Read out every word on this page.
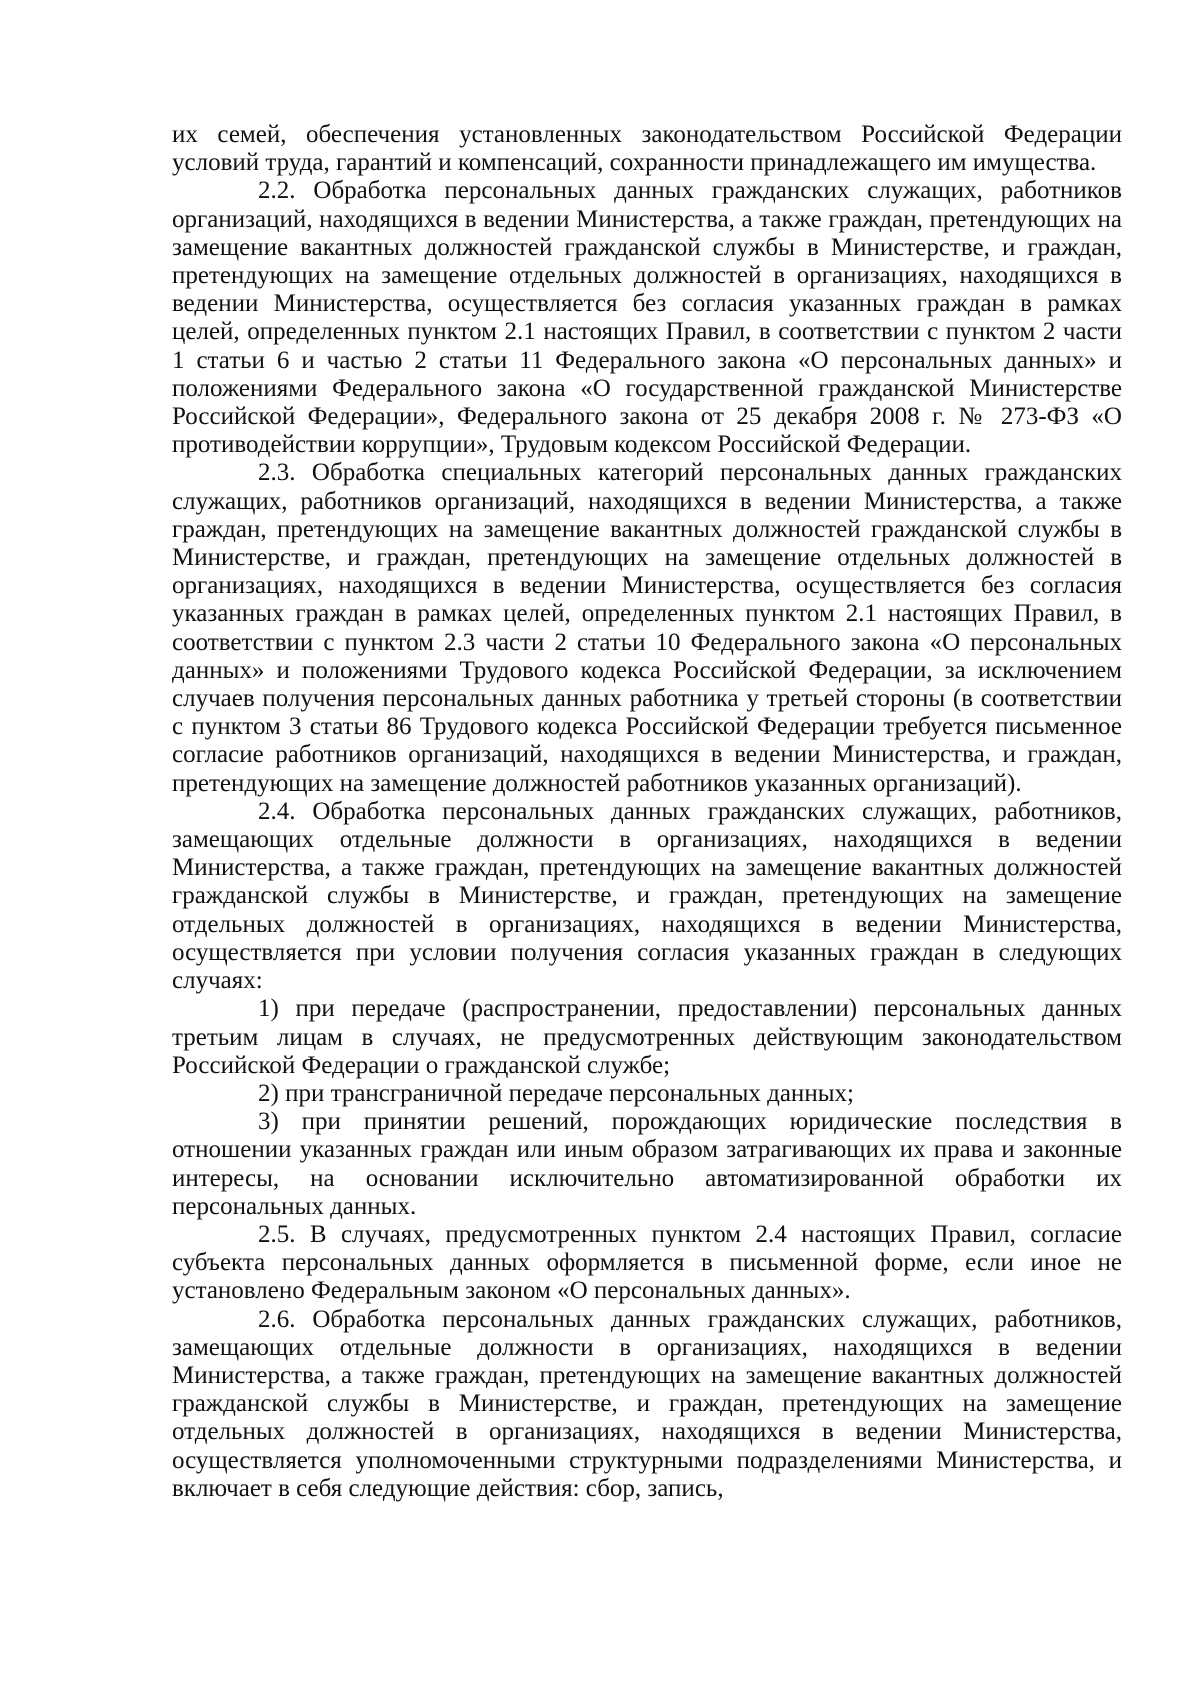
их семей, обеспечения установленных законодательством Российской Федерации условий труда, гарантий и компенсаций, сохранности принадлежащего им имущества.

2.2. Обработка персональных данных гражданских служащих, работников организаций, находящихся в ведении Министерства, а также граждан, претендующих на замещение вакантных должностей гражданской службы в Министерстве, и граждан, претендующих на замещение отдельных должностей в организациях, находящихся в ведении Министерства, осуществляется без согласия указанных граждан в рамках целей, определенных пунктом 2.1 настоящих Правил, в соответствии с пунктом 2 части 1 статьи 6 и частью 2 статьи 11 Федерального закона «О персональных данных» и положениями Федерального закона «О государственной гражданской Министерстве Российской Федерации», Федерального закона от 25 декабря 2008 г. № 273-ФЗ «О противодействии коррупции», Трудовым кодексом Российской Федерации.

2.3. Обработка специальных категорий персональных данных гражданских служащих, работников организаций, находящихся в ведении Министерства, а также граждан, претендующих на замещение вакантных должностей гражданской службы в Министерстве, и граждан, претендующих на замещение отдельных должностей в организациях, находящихся в ведении Министерства, осуществляется без согласия указанных граждан в рамках целей, определенных пунктом 2.1 настоящих Правил, в соответствии с пунктом 2.3 части 2 статьи 10 Федерального закона «О персональных данных» и положениями Трудового кодекса Российской Федерации, за исключением случаев получения персональных данных работника у третьей стороны (в соответствии с пунктом 3 статьи 86 Трудового кодекса Российской Федерации требуется письменное согласие работников организаций, находящихся в ведении Министерства, и граждан, претендующих на замещение должностей работников указанных организаций).

2.4. Обработка персональных данных гражданских служащих, работников, замещающих отдельные должности в организациях, находящихся в ведении Министерства, а также граждан, претендующих на замещение вакантных должностей гражданской службы в Министерстве, и граждан, претендующих на замещение отдельных должностей в организациях, находящихся в ведении Министерства, осуществляется при условии получения согласия указанных граждан в следующих случаях:

1) при передаче (распространении, предоставлении) персональных данных третьим лицам в случаях, не предусмотренных действующим законодательством Российской Федерации о гражданской службе;

2) при трансграничной передаче персональных данных;

3) при принятии решений, порождающих юридические последствия в отношении указанных граждан или иным образом затрагивающих их права и законные интересы, на основании исключительно автоматизированной обработки их персональных данных.

2.5. В случаях, предусмотренных пунктом 2.4 настоящих Правил, согласие субъекта персональных данных оформляется в письменной форме, если иное не установлено Федеральным законом «О персональных данных».

2.6. Обработка персональных данных гражданских служащих, работников, замещающих отдельные должности в организациях, находящихся в ведении Министерства, а также граждан, претендующих на замещение вакантных должностей гражданской службы в Министерстве, и граждан, претендующих на замещение отдельных должностей в организациях, находящихся в ведении Министерства, осуществляется уполномоченными структурными подразделениями Министерства, и включает в себя следующие действия: сбор, запись,
